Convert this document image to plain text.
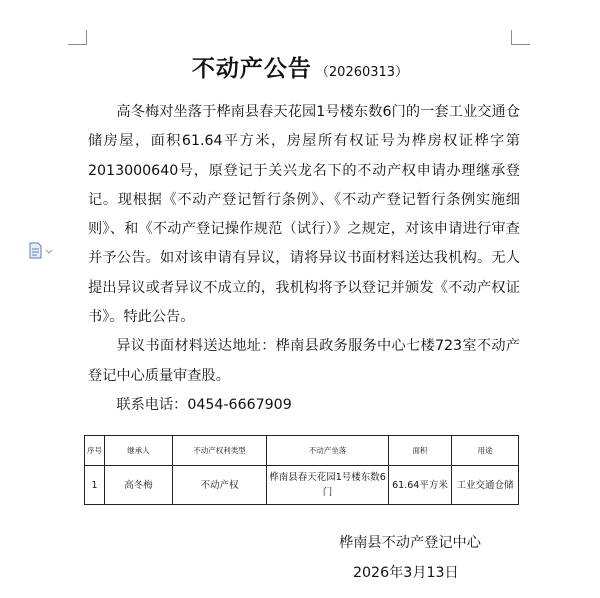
不动产公告 （20260313）

高冬梅对坐落于桦南县春天花园1号楼东数6门的一套工业交通仓储房屋，面积61.64平方米，房屋所有权证号为桦房权证桦字第2013000640号，原登记于关兴龙名下的不动产权申请办理继承登记。现根据《不动产登记暂行条例》、《不动产登记暂行条例实施细则》、和《不动产登记操作规范（试行）》之规定，对该申请进行审查并予公告。如对该申请有异议，请将异议书面材料送达我机构。无人提出异议或者异议不成立的，我机构将予以登记并颁发《不动产权证书》。特此公告。

异议书面材料送达地址：桦南县政务服务中心七楼723室不动产登记中心质量审查股。

联系电话：0454-6667909

序号	继承人	不动产权利类型	不动产坐落	面积	用途
1	高冬梅	不动产权	桦南县春天花园1号楼东数6门	61.64平方米	工业交通仓储
桦南县不动产登记中心
2026年3月13日
